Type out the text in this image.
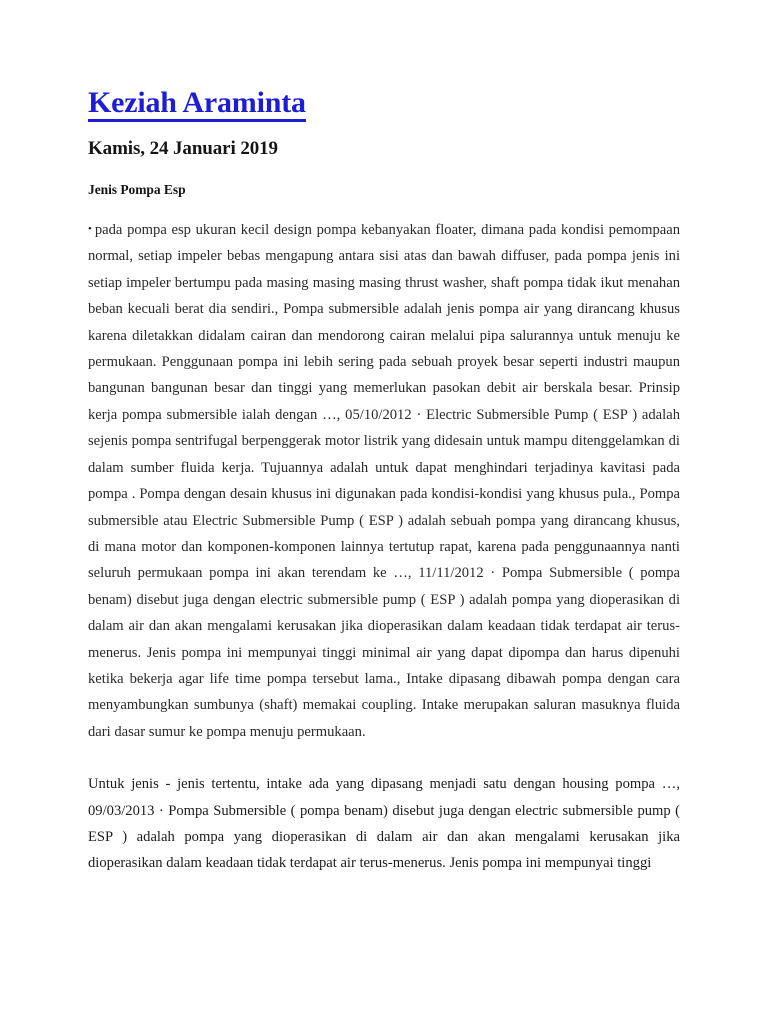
Keziah Araminta
Kamis, 24 Januari 2019
Jenis Pompa Esp

• pada pompa esp ukuran kecil design pompa kebanyakan floater, dimana pada kondisi pemompaan normal, setiap impeler bebas mengapung antara sisi atas dan bawah diffuser, pada pompa jenis ini setiap impeler bertumpu pada masing masing masing thrust washer, shaft pompa tidak ikut menahan beban kecuali berat dia sendiri., Pompa submersible adalah jenis pompa air yang dirancang khusus karena diletakkan didalam cairan dan mendorong cairan melalui pipa salurannya untuk menuju ke permukaan. Penggunaan pompa ini lebih sering pada sebuah proyek besar seperti industri maupun bangunan bangunan besar dan tinggi yang memerlukan pasokan debit air berskala besar. Prinsip kerja pompa submersible ialah dengan …, 05/10/2012 · Electric Submersible Pump ( ESP ) adalah sejenis pompa sentrifugal berpenggerak motor listrik yang didesain untuk mampu ditenggelamkan di dalam sumber fluida kerja. Tujuannya adalah untuk dapat menghindari terjadinya kavitasi pada pompa . Pompa dengan desain khusus ini digunakan pada kondisi-kondisi yang khusus pula., Pompa submersible atau Electric Submersible Pump ( ESP ) adalah sebuah pompa yang dirancang khusus, di mana motor dan komponen-komponen lainnya tertutup rapat, karena pada penggunaannya nanti seluruh permukaan pompa ini akan terendam ke …, 11/11/2012 · Pompa Submersible ( pompa benam) disebut juga dengan electric submersible pump ( ESP ) adalah pompa yang dioperasikan di dalam air dan akan mengalami kerusakan jika dioperasikan dalam keadaan tidak terdapat air terus-menerus. Jenis pompa ini mempunyai tinggi minimal air yang dapat dipompa dan harus dipenuhi ketika bekerja agar life time pompa tersebut lama., Intake dipasang dibawah pompa dengan cara menyambungkan sumbunya (shaft) memakai coupling. Intake merupakan saluran masuknya fluida dari dasar sumur ke pompa menuju permukaan.

Untuk jenis - jenis tertentu, intake ada yang dipasang menjadi satu dengan housing pompa …, 09/03/2013 · Pompa Submersible ( pompa benam) disebut juga dengan electric submersible pump ( ESP ) adalah pompa yang dioperasikan di dalam air dan akan mengalami kerusakan jika dioperasikan dalam keadaan tidak terdapat air terus-menerus. Jenis pompa ini mempunyai tinggi
